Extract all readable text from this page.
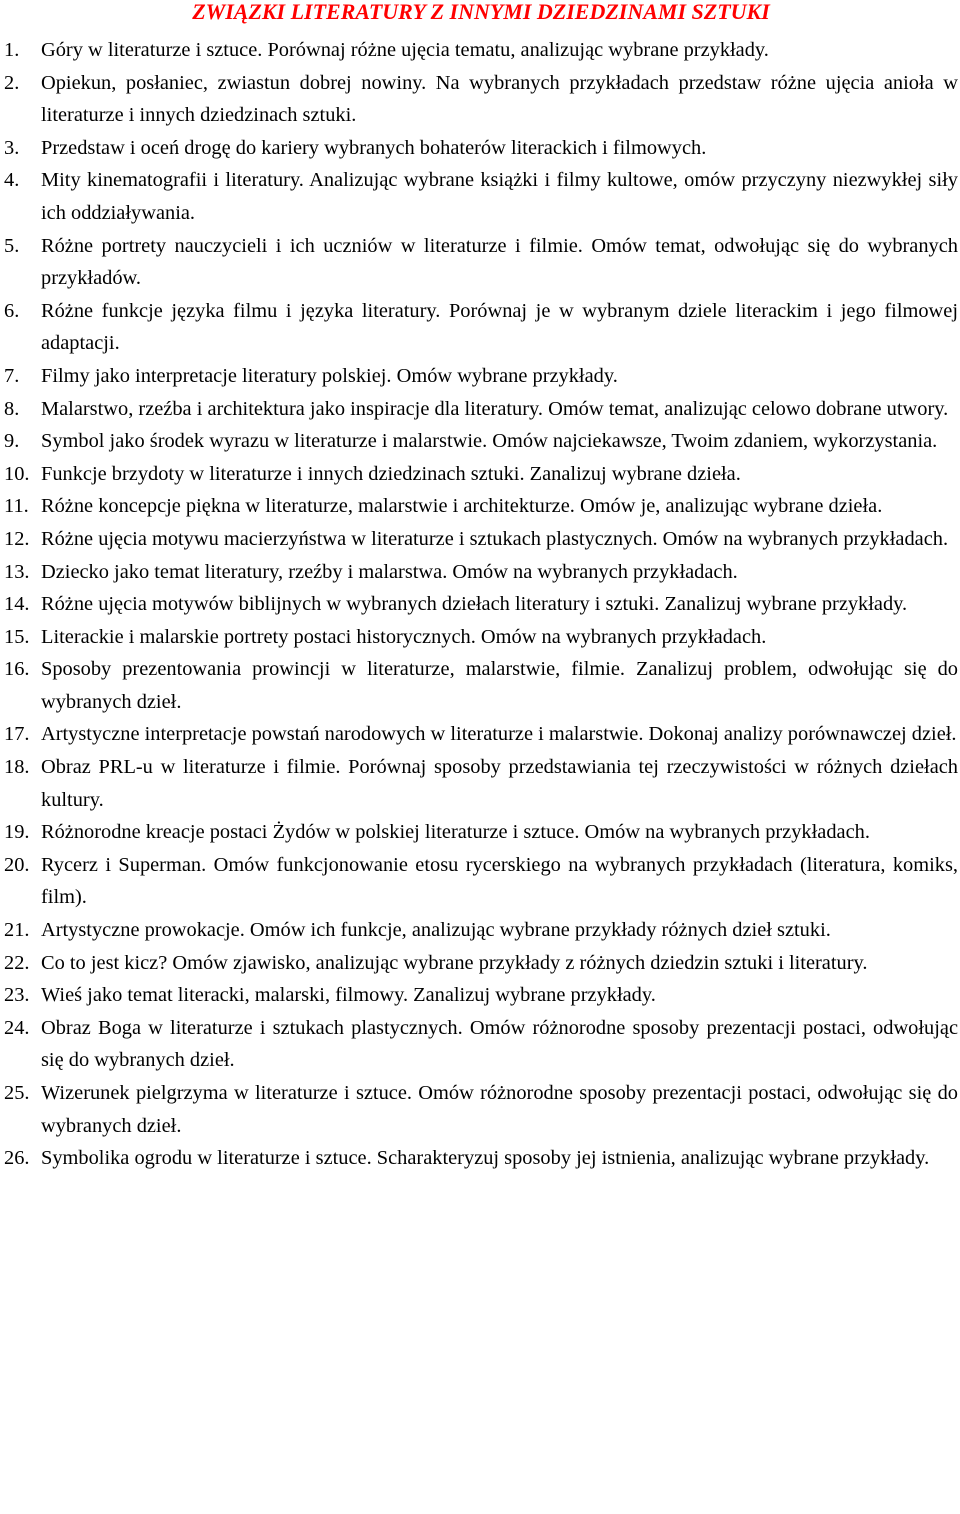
ZWIĄZKI LITERATURY Z INNYMI DZIEDZINAMI SZTUKI
1.	Góry w literaturze i sztuce. Porównaj różne ujęcia tematu, analizując wybrane przykłady.
2.	Opiekun, posłaniec, zwiastun dobrej nowiny. Na wybranych przykładach przedstaw różne ujęcia anioła w literaturze i innych dziedzinach sztuki.
3.	Przedstaw i oceń drogę do kariery wybranych bohaterów literackich i filmowych.
4.	Mity kinematografii i literatury. Analizując wybrane książki i filmy kultowe, omów przyczyny niezwykłej siły ich oddziaływania.
5.	Różne portrety nauczycieli i ich uczniów w literaturze i filmie. Omów temat, odwołując się do wybranych przykładów.
6.	Różne funkcje języka filmu i języka literatury. Porównaj je w wybranym dziele literackim i jego filmowej adaptacji.
7.	Filmy jako interpretacje literatury polskiej. Omów wybrane przykłady.
8.	Malarstwo, rzeźba i architektura jako inspiracje dla literatury. Omów temat, analizując celowo dobrane utwory.
9.	Symbol jako środek wyrazu w literaturze i malarstwie. Omów najciekawsze, Twoim zdaniem, wykorzystania.
10. Funkcje brzydoty w literaturze i innych dziedzinach sztuki. Zanalizuj wybrane dzieła.
11. Różne koncepcje piękna w literaturze, malarstwie i architekturze. Omów je, analizując wybrane dzieła.
12. Różne ujęcia motywu macierzyństwa w literaturze i sztukach plastycznych. Omów na wybranych przykładach.
13. Dziecko jako temat literatury, rzeźby i malarstwa. Omów na wybranych przykładach.
14. Różne ujęcia motywów biblijnych w wybranych dziełach literatury i sztuki. Zanalizuj wybrane przykłady.
15. Literackie i malarskie portrety postaci historycznych. Omów na wybranych przykładach.
16. Sposoby prezentowania prowincji w literaturze, malarstwie, filmie. Zanalizuj problem, odwołując się do wybranych dzieł.
17. Artystyczne interpretacje powstań narodowych w literaturze i malarstwie. Dokonaj analizy porównawczej dzieł.
18. Obraz PRL-u w literaturze i filmie. Porównaj sposoby przedstawiania tej rzeczywistości w różnych dziełach kultury.
19. Różnorodne kreacje postaci Żydów w polskiej literaturze i sztuce. Omów na wybranych przykładach.
20. Rycerz i Superman. Omów funkcjonowanie etosu rycerskiego na wybranych przykładach (literatura, komiks, film).
21. Artystyczne prowokacje. Omów ich funkcje, analizując wybrane przykłady różnych dzieł sztuki.
22. Co to jest kicz? Omów zjawisko, analizując wybrane przykłady z różnych dziedzin sztuki i literatury.
23. Wieś jako temat literacki, malarski, filmowy. Zanalizuj wybrane przykłady.
24. Obraz Boga w literaturze i sztukach plastycznych. Omów różnorodne sposoby prezentacji postaci, odwołując się do wybranych dzieł.
25. Wizerunek pielgrzyma w literaturze i sztuce. Omów różnorodne sposoby prezentacji postaci, odwołując się do wybranych dzieł.
26. Symbolika ogrodu w literaturze i sztuce. Scharakteryzuj sposoby jej istnienia, analizując wybrane przykłady.
